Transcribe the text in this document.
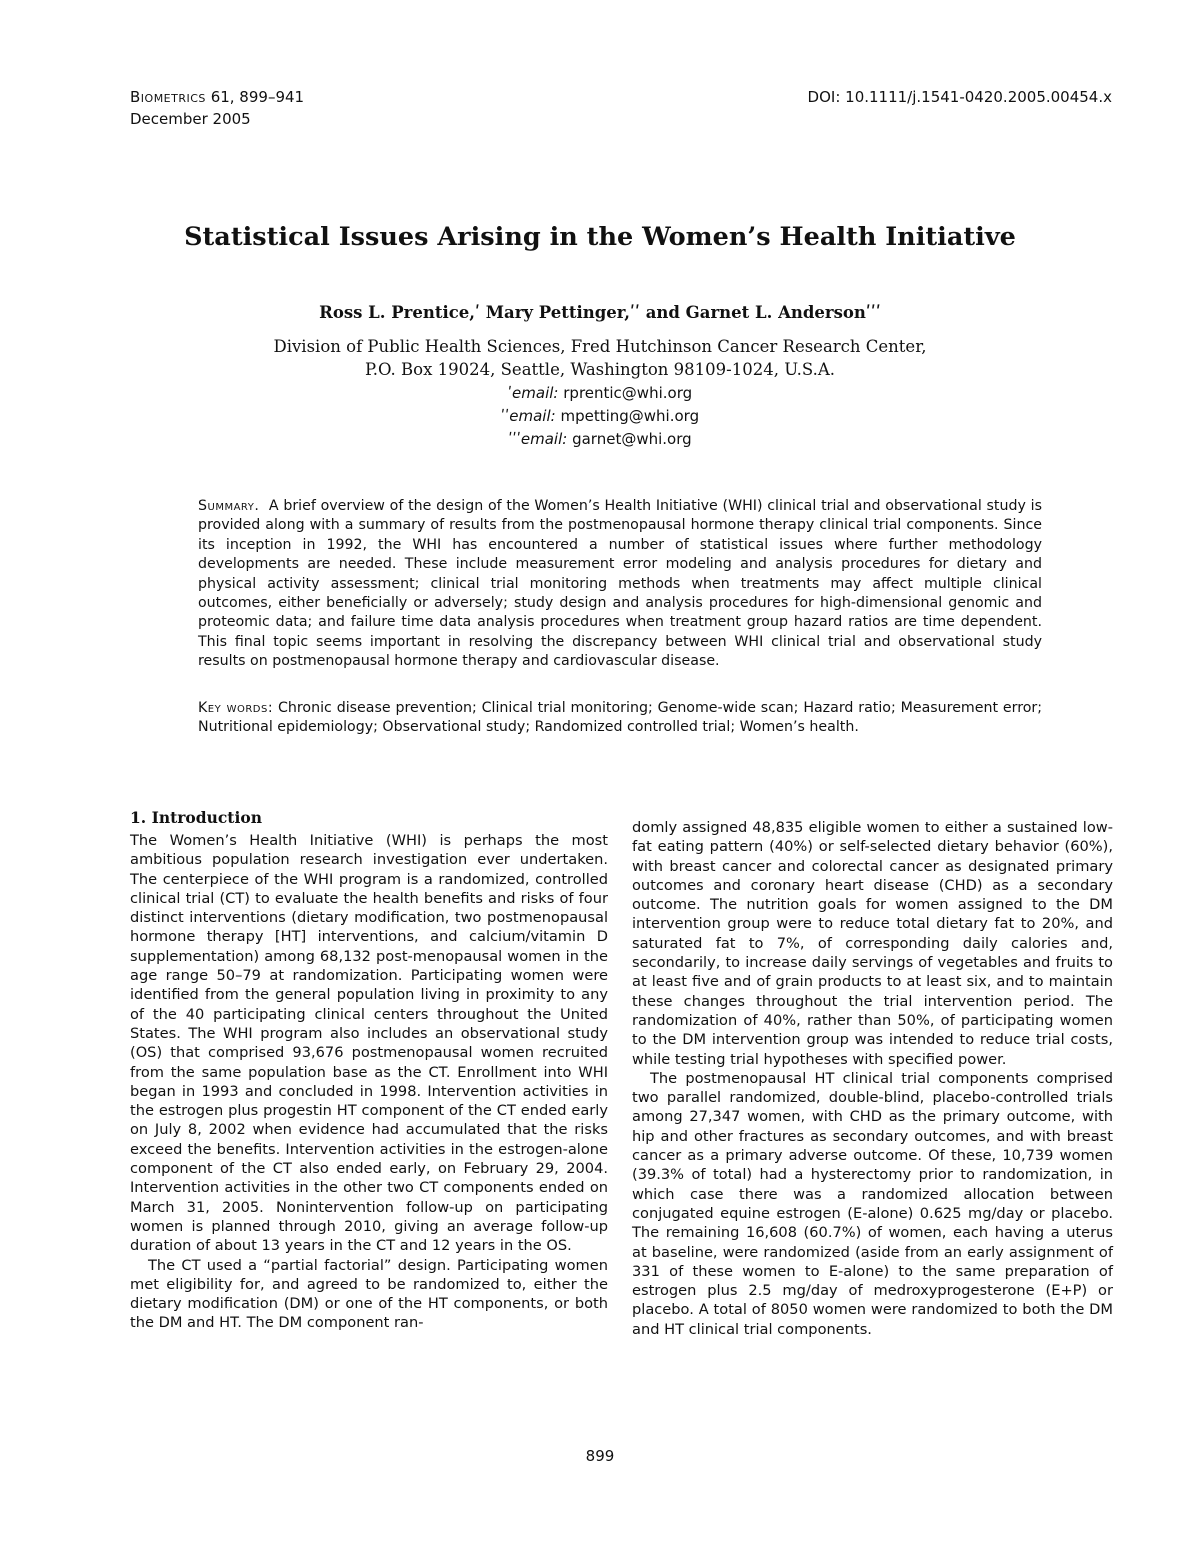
Biometrics 61, 899–941
December 2005
DOI: 10.1111/j.1541-0420.2005.00454.x
Statistical Issues Arising in the Women’s Health Initiative
Ross L. Prentice,ʹ Mary Pettinger,ʹʹ and Garnet L. Andersonʹʹʹ
Division of Public Health Sciences, Fred Hutchinson Cancer Research Center,
P.O. Box 19024, Seattle, Washington 98109-1024, U.S.A.
ʹemail: rprentic@whi.org
ʹʹemail: mpetting@whi.org
ʹʹʹemail: garnet@whi.org

Summary. A brief overview of the design of the Women’s Health Initiative (WHI) clinical trial and observational study is provided along with a summary of results from the postmenopausal hormone therapy clinical trial components. Since its inception in 1992, the WHI has encountered a number of statistical issues where further methodology developments are needed. These include measurement error modeling and analysis procedures for dietary and physical activity assessment; clinical trial monitoring methods when treatments may affect multiple clinical outcomes, either beneficially or adversely; study design and analysis procedures for high-dimensional genomic and proteomic data; and failure time data analysis procedures when treatment group hazard ratios are time dependent. This final topic seems important in resolving the discrepancy between WHI clinical trial and observational study results on postmenopausal hormone therapy and cardiovascular disease.

Key words: Chronic disease prevention; Clinical trial monitoring; Genome-wide scan; Hazard ratio; Measurement error; Nutritional epidemiology; Observational study; Randomized controlled trial; Women’s health.

1. Introduction

The Women’s Health Initiative (WHI) is perhaps the most ambitious population research investigation ever undertaken. The centerpiece of the WHI program is a randomized, controlled clinical trial (CT) to evaluate the health benefits and risks of four distinct interventions (dietary modification, two postmenopausal hormone therapy [HT] interventions, and calcium/vitamin D supplementation) among 68,132 post-menopausal women in the age range 50–79 at randomization. Participating women were identified from the general population living in proximity to any of the 40 participating clinical centers throughout the United States. The WHI program also includes an observational study (OS) that comprised 93,676 postmenopausal women recruited from the same population base as the CT. Enrollment into WHI began in 1993 and concluded in 1998. Intervention activities in the estrogen plus progestin HT component of the CT ended early on July 8, 2002 when evidence had accumulated that the risks exceed the benefits. Intervention activities in the estrogen-alone component of the CT also ended early, on February 29, 2004. Intervention activities in the other two CT components ended on March 31, 2005. Nonintervention follow-up on participating women is planned through 2010, giving an average follow-up duration of about 13 years in the CT and 12 years in the OS.

The CT used a “partial factorial” design. Participating women met eligibility for, and agreed to be randomized to, either the dietary modification (DM) or one of the HT components, or both the DM and HT. The DM component ran-

domly assigned 48,835 eligible women to either a sustained low-fat eating pattern (40%) or self-selected dietary behavior (60%), with breast cancer and colorectal cancer as designated primary outcomes and coronary heart disease (CHD) as a secondary outcome. The nutrition goals for women assigned to the DM intervention group were to reduce total dietary fat to 20%, and saturated fat to 7%, of corresponding daily calories and, secondarily, to increase daily servings of vegetables and fruits to at least five and of grain products to at least six, and to maintain these changes throughout the trial intervention period. The randomization of 40%, rather than 50%, of participating women to the DM intervention group was intended to reduce trial costs, while testing trial hypotheses with specified power.

The postmenopausal HT clinical trial components comprised two parallel randomized, double-blind, placebo-controlled trials among 27,347 women, with CHD as the primary outcome, with hip and other fractures as secondary outcomes, and with breast cancer as a primary adverse outcome. Of these, 10,739 women (39.3% of total) had a hysterectomy prior to randomization, in which case there was a randomized allocation between conjugated equine estrogen (E-alone) 0.625 mg/day or placebo. The remaining 16,608 (60.7%) of women, each having a uterus at baseline, were randomized (aside from an early assignment of 331 of these women to E-alone) to the same preparation of estrogen plus 2.5 mg/day of medroxyprogesterone (E+P) or placebo. A total of 8050 women were randomized to both the DM and HT clinical trial components.

899
